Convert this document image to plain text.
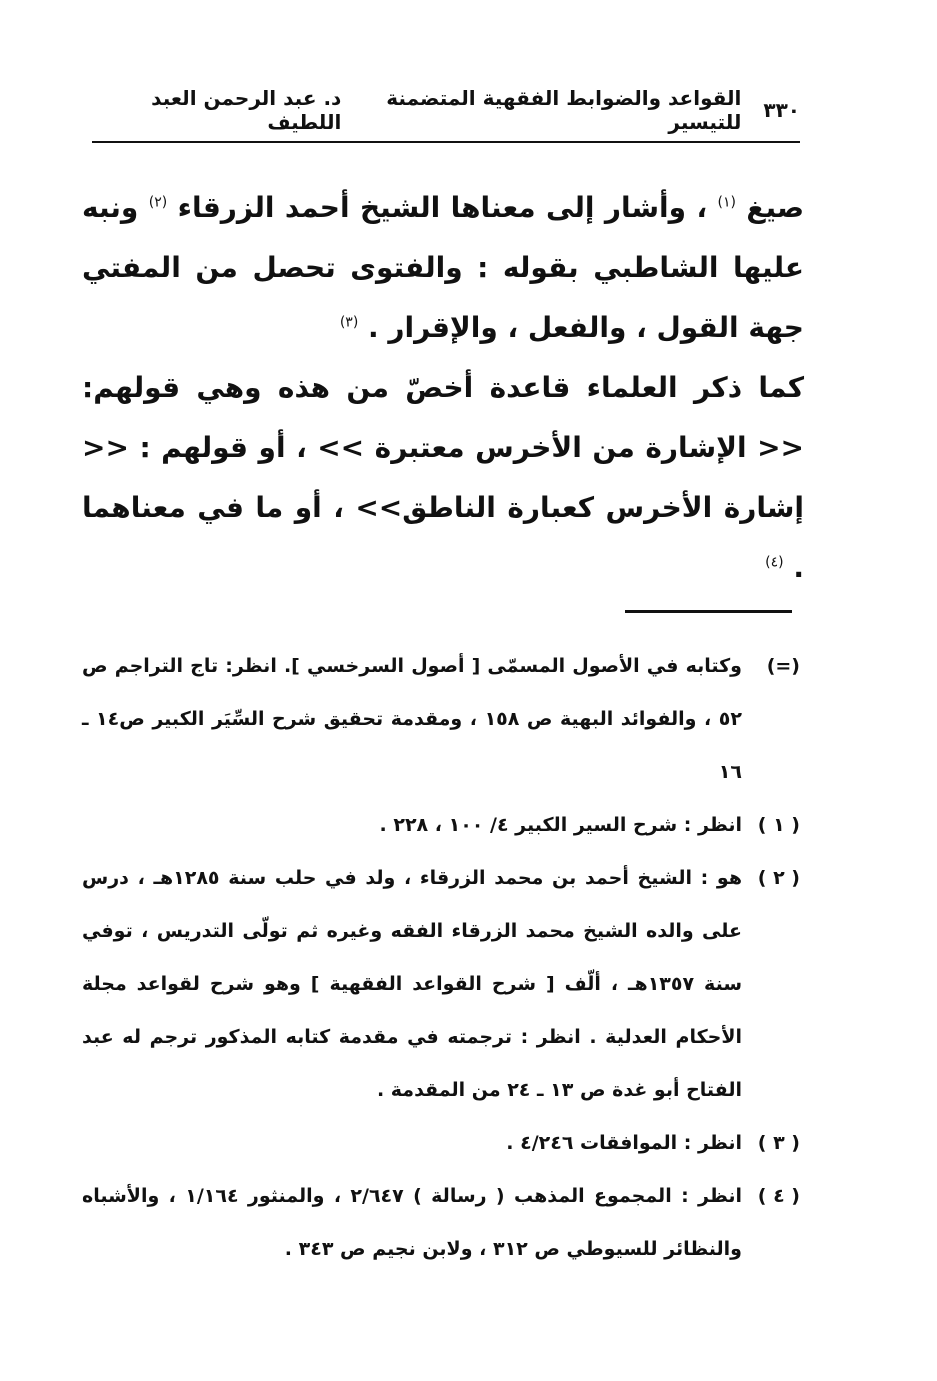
٣٣٠
القواعد والضوابط الفقهية المتضمنة للتيسير
د. عبد الرحمن العبد اللطيف

صيغ $^{(١)}$ ، وأشار إلى معناها الشيخ أحمد الزرقاء $^{(٢)}$ ونبه عليها الشاطبي بقوله : والفتوى تحصل من المفتي جهة القول ، والفعل ، والإقرار . $^{(٣)}$

كما ذكر العلماء قاعدة أخصّ من هذه وهي قولهم: << الإشارة من الأخرس معتبرة >> ، أو قولهم : << إشارة الأخرس كعبارة الناطق>> ، أو ما في معناهما . $^{(٤)}$

(=)
وكتابه في الأصول المسمّى [ أصول السرخسي ]. انظر: تاج التراجم ص ٥٢ ، والفوائد البهية ص ١٥٨ ، ومقدمة تحقيق شرح السِّيَر الكبير ص١٤ ـ ١٦
( ١ )
انظر : شرح السير الكبير ٤/ ١٠٠ ، ٢٢٨ .
( ٢ )
هو : الشيخ أحمد بن محمد الزرقاء ، ولد في حلب سنة ١٢٨٥هـ ، درس على والده الشيخ محمد الزرقاء الفقه وغيره ثم تولّى التدريس ، توفي سنة ١٣٥٧هـ ، ألّف [ شرح القواعد الفقهية ] وهو شرح لقواعد مجلة الأحكام العدلية . انظر : ترجمته في مقدمة كتابه المذكور ترجم له عبد الفتاح أبو غدة ص ١٣ ـ ٢٤ من المقدمة .
( ٣ )
انظر : الموافقات ٤/٢٤٦ .
( ٤ )
انظر : المجموع المذهب ( رسالة ) ٢/٦٤٧ ، والمنثور ١/١٦٤ ، والأشباه والنظائر للسيوطي ص ٣١٢ ، ولابن نجيم ص ٣٤٣ .
